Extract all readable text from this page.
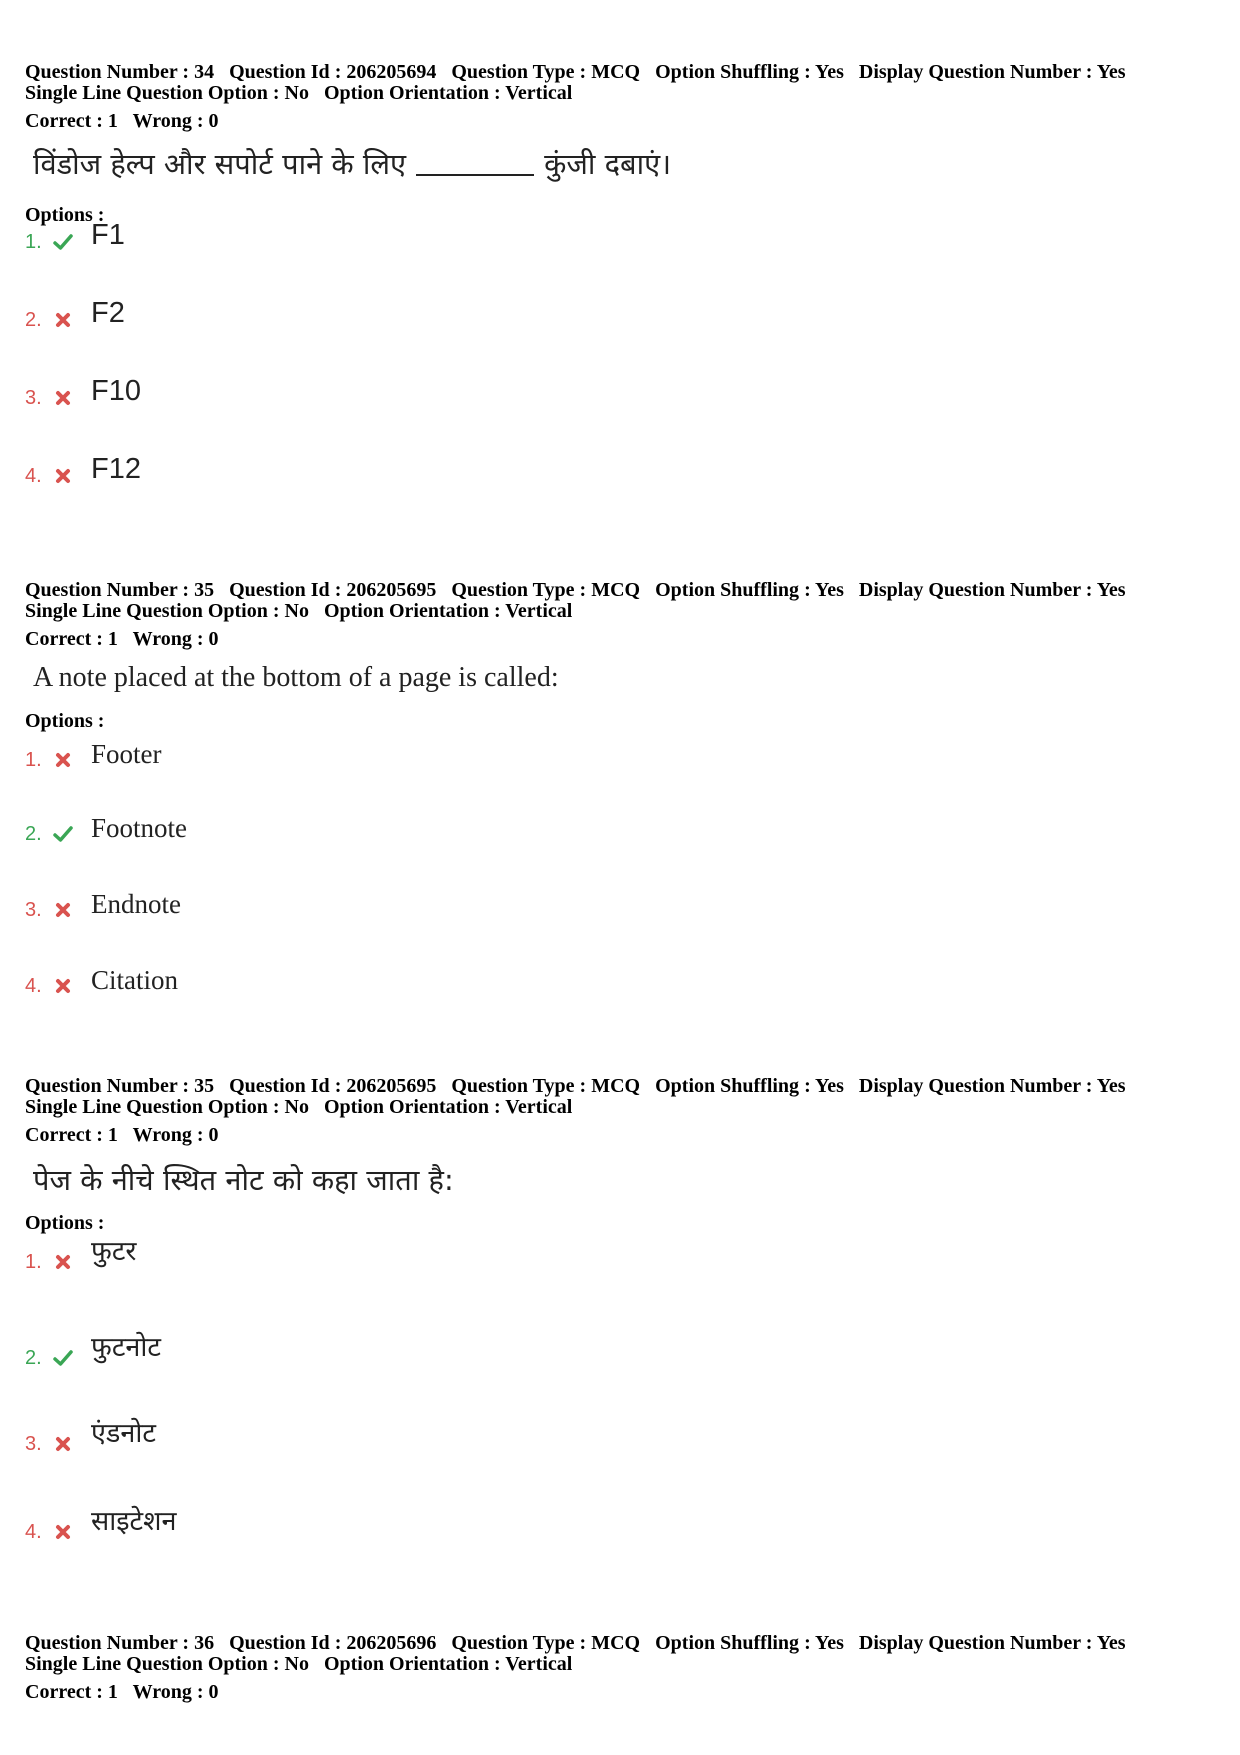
Question Number : 34 Question Id : 206205694 Question Type : MCQ Option Shuffling : Yes Display Question Number : Yes
Single Line Question Option : No Option Orientation : Vertical
Correct : 1 Wrong : 0
विंडोज हेल्प और सपोर्ट पाने के लिए	कुंजी दबाएं।
Options :
1. F1
2. F2
3. F10
4. F12
Question Number : 35 Question Id : 206205695 Question Type : MCQ Option Shuffling : Yes Display Question Number : Yes
Single Line Question Option : No Option Orientation : Vertical
Correct : 1 Wrong : 0
A note placed at the bottom of a page is called:
Options :
1. Footer
2. Footnote
3. Endnote
4. Citation
Question Number : 35 Question Id : 206205695 Question Type : MCQ Option Shuffling : Yes Display Question Number : Yes
Single Line Question Option : No Option Orientation : Vertical
Correct : 1 Wrong : 0
पेज के नीचे स्थित नोट को कहा जाता है:
Options :
1. फुटर
2. फुटनोट
3. एंडनोट
4. साइटेशन
Question Number : 36 Question Id : 206205696 Question Type : MCQ Option Shuffling : Yes Display Question Number : Yes
Single Line Question Option : No Option Orientation : Vertical
Correct : 1 Wrong : 0
